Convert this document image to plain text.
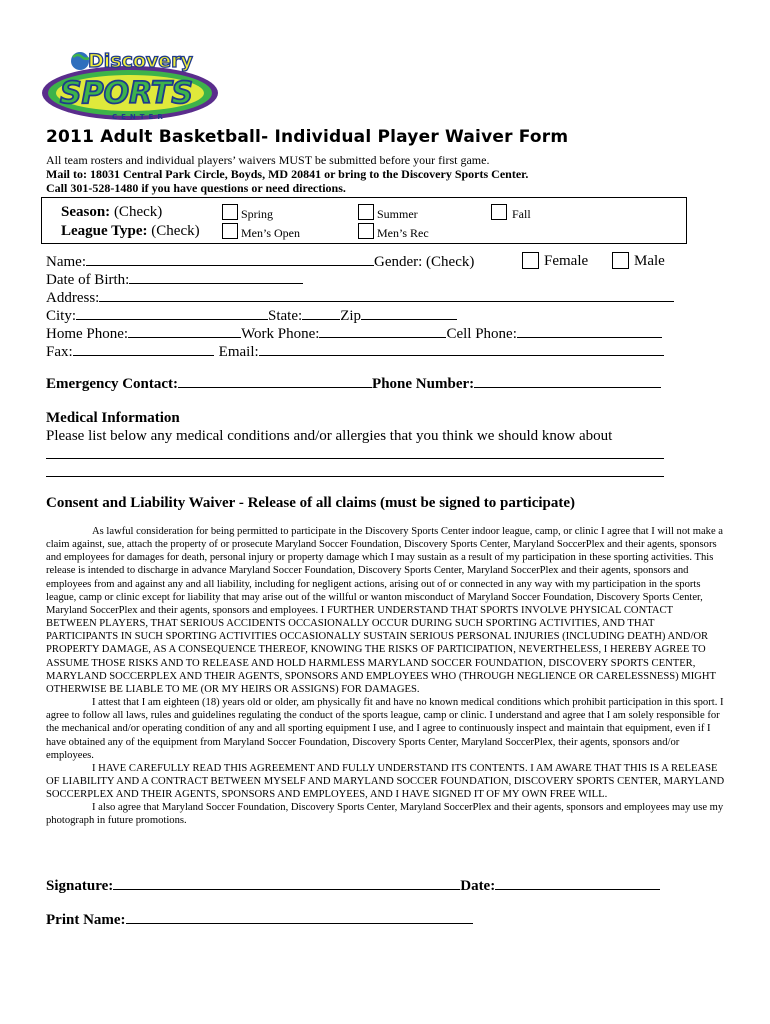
Discovery
SPORTS
CENTER
2011 Adult Basketball- Individual Player Waiver Form
All team rosters and individual players’ waivers MUST be submitted before your first game.
Mail to: 18031 Central Park Circle, Boyds, MD 20841 or bring to the Discovery Sports Center.
Call 301-528-1480 if you have questions or need directions.
Season: (Check)
League Type: (Check)
Spring	Summer	Fall
Men’s Open	Men’s Rec
Name:	Gender: (Check)	Female	Male
Date of Birth:
Address:
City:	State:	Zip
Home Phone:	Work Phone:	Cell Phone:
Fax:	Email:
Emergency Contact:	Phone Number:
Medical Information
Please list below any medical conditions and/or allergies that you think we should know about
Consent and Liability Waiver - Release of all claims (must be signed to participate)

As lawful consideration for being permitted to participate in the Discovery Sports Center indoor league, camp, or clinic I agree that I will not make a claim against, sue, attach the property of or prosecute Maryland Soccer Foundation, Discovery Sports Center, Maryland SoccerPlex and their agents, sponsors and employees for damages for death, personal injury or property damage which I may sustain as a result of my participation in these sporting activities. This release is intended to discharge in advance Maryland Soccer Foundation, Discovery Sports Center, Maryland SoccerPlex and their agents, sponsors and employees from and against any and all liability, including for negligent actions, arising out of or connected in any way with my participation in the sports league, camp or clinic except for liability that may arise out of the willful or wanton misconduct of Maryland Soccer Foundation, Discovery Sports Center, Maryland SoccerPlex and their agents, sponsors and employees. I FURTHER UNDERSTAND THAT SPORTS INVOLVE PHYSICAL CONTACT BETWEEN PLAYERS, THAT SERIOUS ACCIDENTS OCCASIONALLY OCCUR DURING SUCH SPORTING ACTIVITIES, AND THAT PARTICIPANTS IN SUCH SPORTING ACTIVITIES OCCASIONALLY SUSTAIN SERIOUS PERSONAL INJURIES (INCLUDING DEATH) AND/OR PROPERTY DAMAGE, AS A CONSEQUENCE THEREOF, KNOWING THE RISKS OF PARTICIPATION, NEVERTHELESS, I HEREBY AGREE TO ASSUME THOSE RISKS AND TO RELEASE AND HOLD HARMLESS MARYLAND SOCCER FOUNDATION, DISCOVERY SPORTS CENTER, MARYLAND SOCCERPLEX AND THEIR AGENTS, SPONSORS AND EMPLOYEES WHO (THROUGH NEGLIENCE OR CARELESSNESS) MIGHT OTHERWISE BE LIABLE TO ME (OR MY HEIRS OR ASSIGNS) FOR DAMAGES.

I attest that I am eighteen (18) years old or older, am physically fit and have no known medical conditions which prohibit participation in this sport. I agree to follow all laws, rules and guidelines regulating the conduct of the sports league, camp or clinic. I understand and agree that I am solely responsible for the mechanical and/or operating condition of any and all sporting equipment I use, and I agree to continuously inspect and maintain that equipment, even if I have obtained any of the equipment from Maryland Soccer Foundation, Discovery Sports Center, Maryland SoccerPlex, their agents, sponsors and/or employees.

I HAVE CAREFULLY READ THIS AGREEMENT AND FULLY UNDERSTAND ITS CONTENTS. I AM AWARE THAT THIS IS A RELEASE OF LIABILITY AND A CONTRACT BETWEEN MYSELF AND MARYLAND SOCCER FOUNDATION, DISCOVERY SPORTS CENTER, MARYLAND SOCCERPLEX AND THEIR AGENTS, SPONSORS AND EMPLOYEES, AND I HAVE SIGNED IT OF MY OWN FREE WILL.

I also agree that Maryland Soccer Foundation, Discovery Sports Center, Maryland SoccerPlex and their agents, sponsors and employees may use my photograph in future promotions.

Signature:	Date:
Print Name:
